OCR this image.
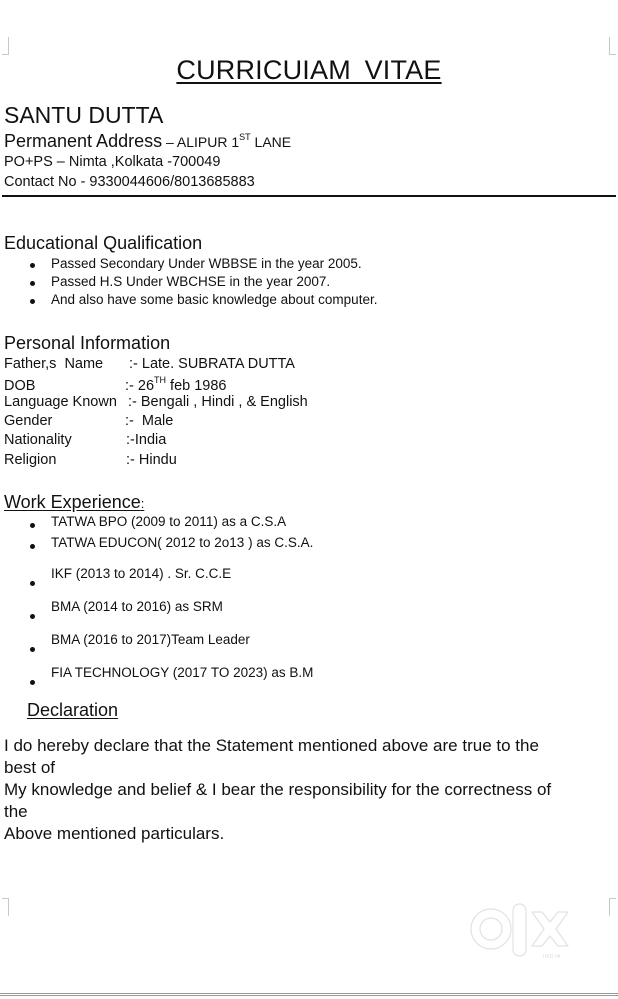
CURRICUIAM VITAE
SANTU DUTTA
Permanent Address – ALIPUR 1ST LANE
PO+PS – Nimta ,Kolkata -700049
Contact No - 9330044606/8013685883
Educational Qualification
Passed Secondary Under WBBSE in the year 2005.
Passed H.S Under WBCHSE in the year 2007.
And also have some basic knowledge about computer.
Personal Information
Father,s  Name :- Late. SUBRATA DUTTA
DOB	:- 26TH feb 1986
Language Known :- Bengali , Hindi , & English
Gender	:-  Male
Nationality	:-India
Religion	:- Hindu
Work Experience:
TATWA BPO (2009 to 2011) as a C.S.A
TATWA EDUCON( 2012 to 2o13 ) as C.S.A.
IKF (2013 to 2014) . Sr. C.C.E
BMA (2014 to 2016) as SRM
BMA (2016 to 2017)Team Leader
FIA TECHNOLOGY (2017 TO 2023) as B.M
Declaration
I do hereby declare that the Statement mentioned above are true to the
best of
My knowledge and belief & I bear the responsibility for the correctness of
the
Above mentioned particulars.
INDIA
